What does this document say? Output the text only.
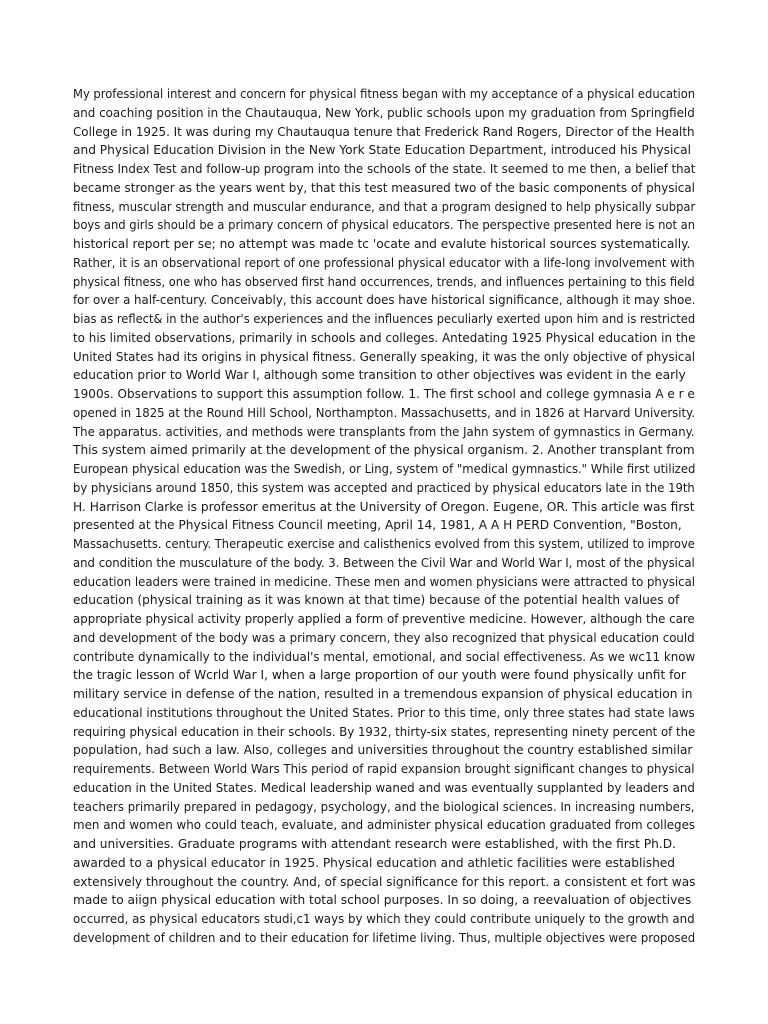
My professional interest and concern for physical fitness began with my acceptance of a physical education
and coaching position in the Chautauqua, New York, public schools upon my graduation from Springfield
College in 1925. It was during my Chautauqua tenure that Frederick Rand Rogers, Director of the Health
and Physical Education Division in the New York State Education Department, introduced his Physical
Fitness Index Test and follow-up program into the schools of the state. It seemed to me then, a belief that
became stronger as the years went by, that this test measured two of the basic components of physical
fitness, muscular strength and muscular endurance, and that a program designed to help physically subpar
boys and girls should be a primary concern of physical educators. The perspective presented here is not an
historical report per se; no attempt was made tc 'ocate and evalute historical sources systematically.
Rather, it is an observational report of one professional physical educator with a life-long involvement with
physical fitness, one who has observed first hand occurrences, trends, and influences pertaining to this field
for over a half-century. Conceivably, this account does have historical significance, although it may shoe.
bias as reflect& in the author's experiences and the influences peculiarly exerted upon him and is restricted
to his limited observations, primarily in schools and colleges. Antedating 1925 Physical education in the
United States had its origins in physical fitness. Generally speaking, it was the only objective of physical
education prior to World War I, although some transition to other objectives was evident in the early
1900s. Observations to support this assumption follow. 1. The first school and college gymnasia A e r e
opened in 1825 at the Round Hill School, Northampton. Massachusetts, and in 1826 at Harvard University.
The apparatus. activities, and methods were transplants from the Jahn system of gymnastics in Germany.
This system aimed primarily at the development of the physical organism. 2. Another transplant from
European physical education was the Swedish, or Ling, system of "medical gymnastics." While first utilized
by physicians around 1850, this system was accepted and practiced by physical educators late in the 19th
H. Harrison Clarke is professor emeritus at the University of Oregon. Eugene, OR. This article was first
presented at the Physical Fitness Council meeting, April 14, 1981, A A H PERD Convention, "Boston,
Massachusetts. century. Therapeutic exercise and calisthenics evolved from this system, utilized to improve
and condition the musculature of the body. 3. Between the Civil War and World War I, most of the physical
education leaders were trained in medicine. These men and women physicians were attracted to physical
education (physical training as it was known at that time) because of the potential health values of
appropriate physical activity properly applied a form of preventive medicine. However, although the care
and development of the body was a primary concern, they also recognized that physical education could
contribute dynamically to the individual's mental, emotional, and social effectiveness. As we wc11 know
the tragic lesson of Wcrld War I, when a large proportion of our youth were found physically unfit for
military service in defense of the nation, resulted in a tremendous expansion of physical education in
educational institutions throughout the United States. Prior to this time, only three states had state laws
requiring physical education in their schools. By 1932, thirty-six states, representing ninety percent of the
population, had such a law. Also, colleges and universities throughout the country established similar
requirements. Between World Wars This period of rapid expansion brought significant changes to physical
education in the United States. Medical leadership waned and was eventually supplanted by leaders and
teachers primarily prepared in pedagogy, psychology, and the biological sciences. In increasing numbers,
men and women who could teach, evaluate, and administer physical education graduated from colleges
and universities. Graduate programs with attendant research were established, with the first Ph.D.
awarded to a physical educator in 1925. Physical education and athletic facilities were established
extensively throughout the country. And, of special significance for this report. a consistent et fort was
made to aiign physical education with total school purposes. In so doing, a reevaluation of objectives
occurred, as physical educators studi,c1 ways by which they could contribute uniquely to the growth and
development of children and to their education for lifetime living. Thus, multiple objectives were proposed
